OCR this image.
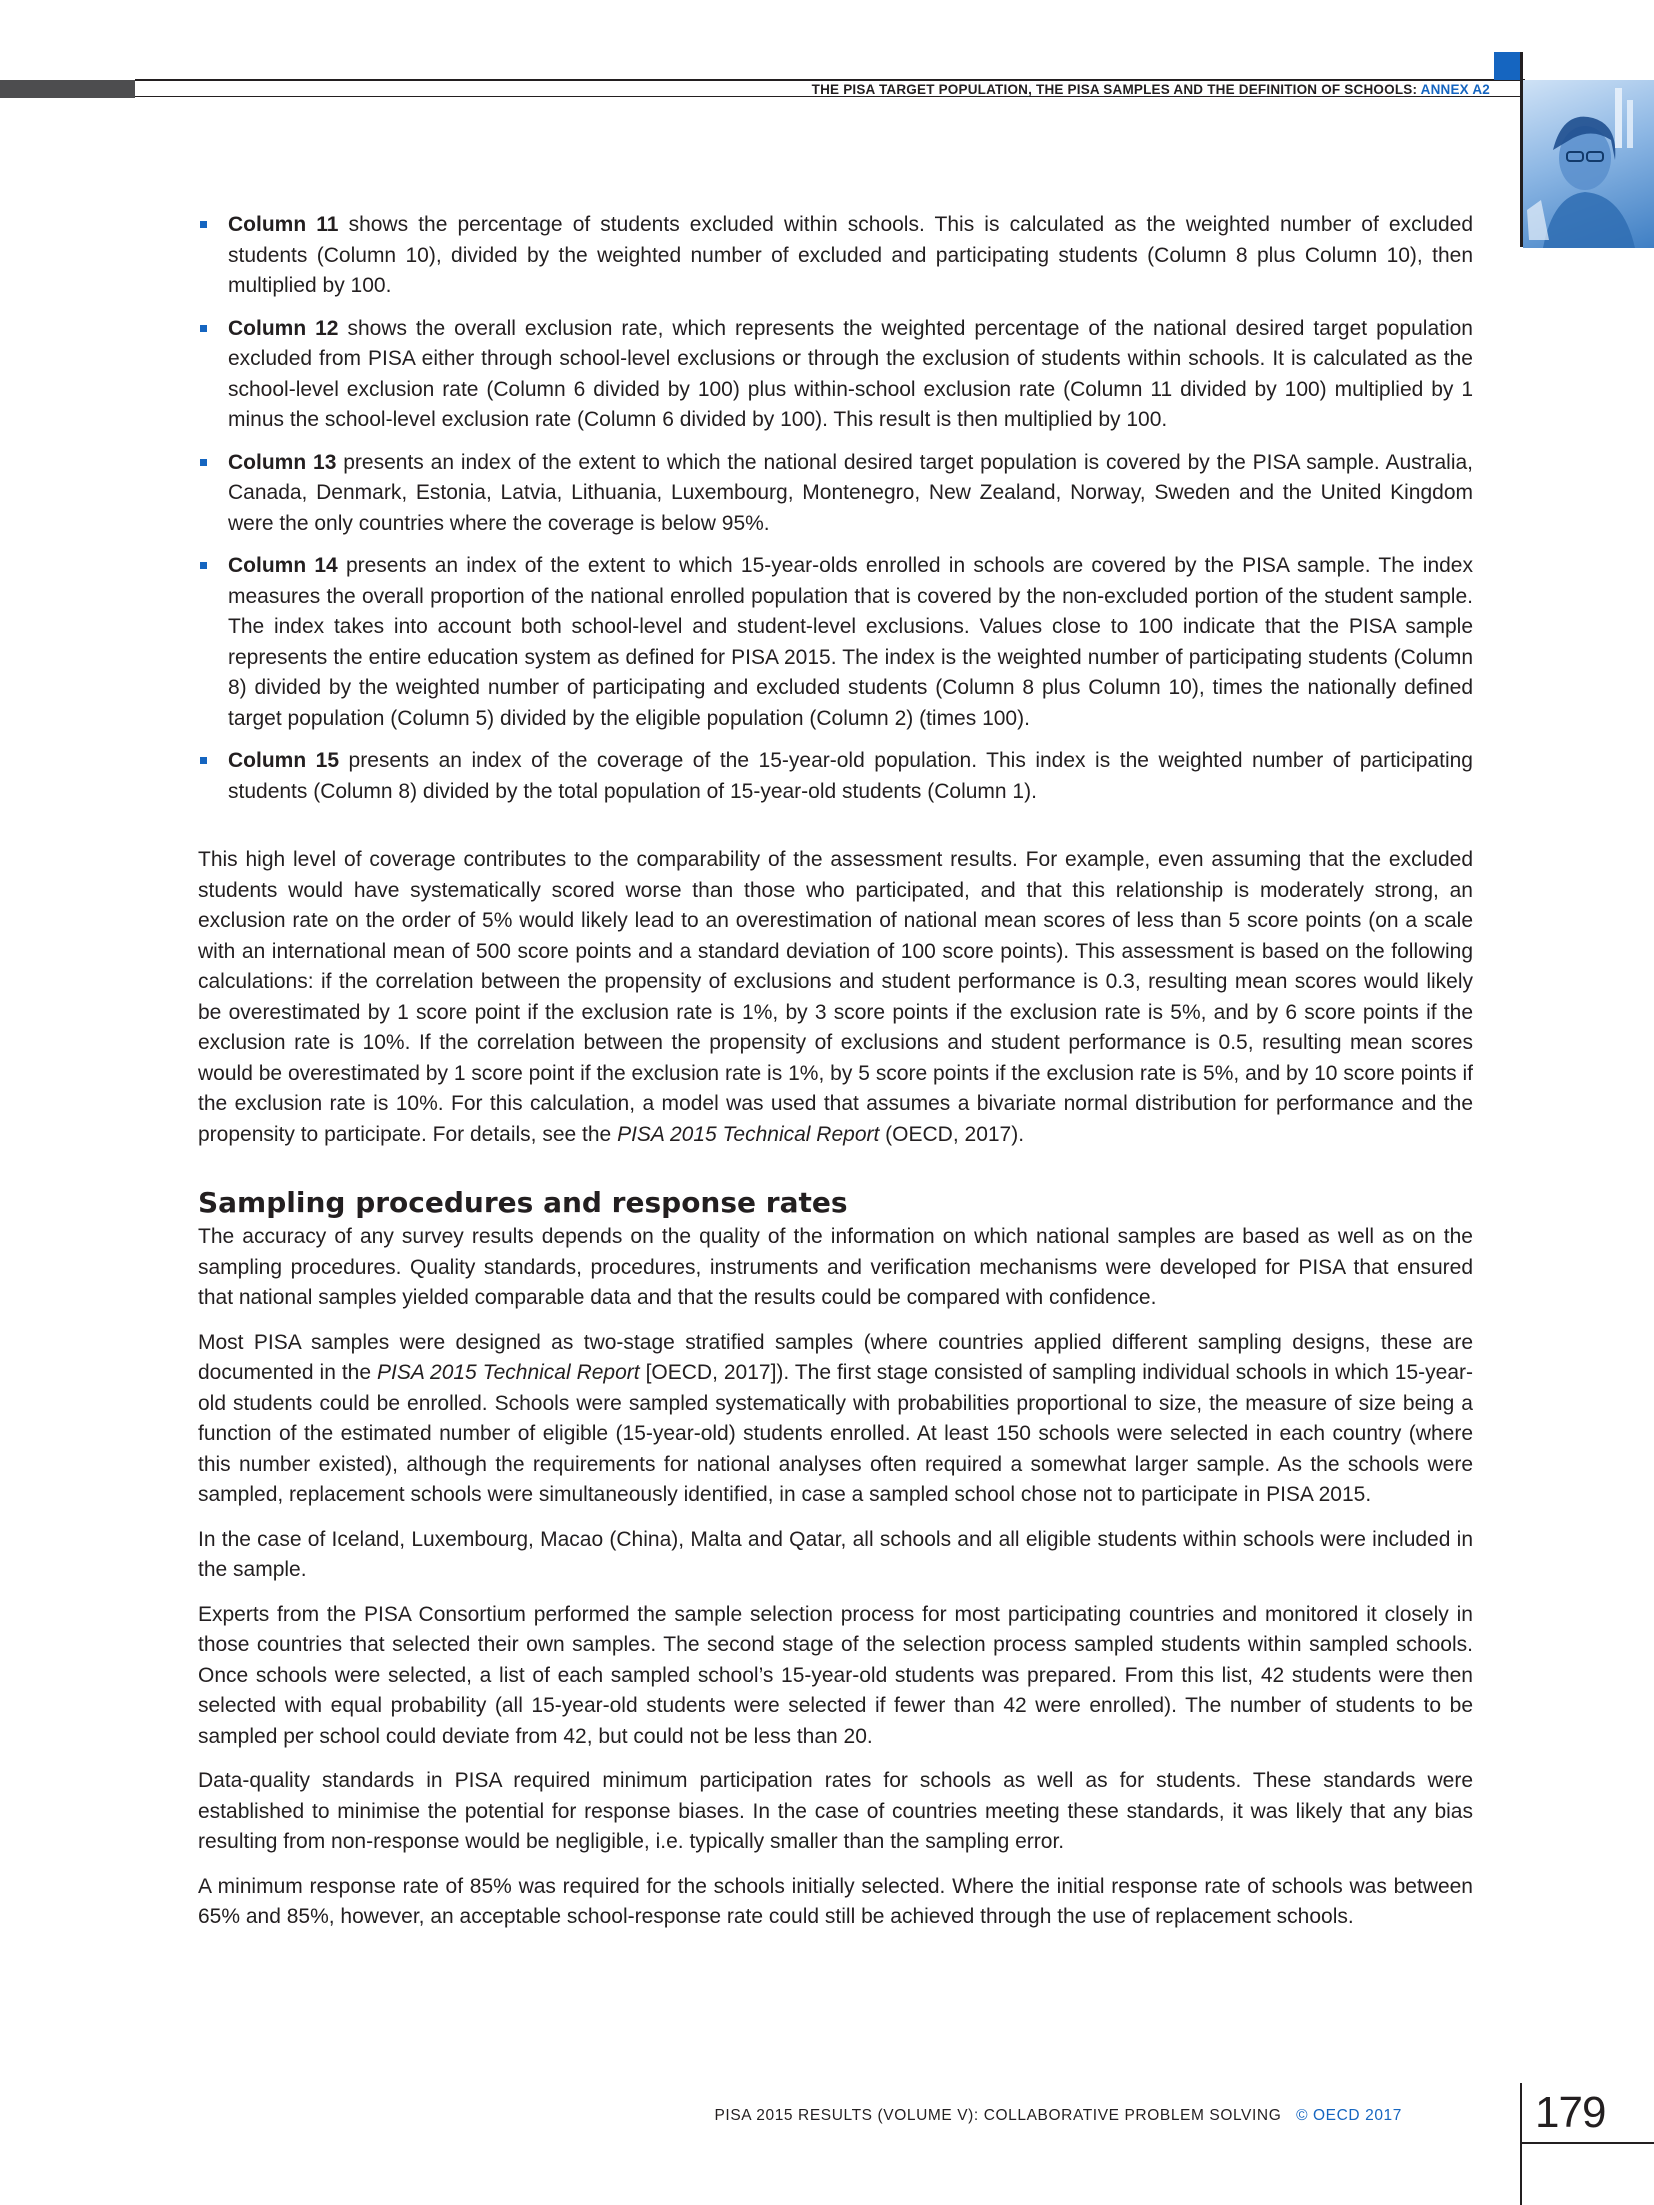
THE PISA TARGET POPULATION, THE PISA SAMPLES AND THE DEFINITION OF SCHOOLS: ANNEX A2
Column 11 shows the percentage of students excluded within schools. This is calculated as the weighted number of excluded students (Column 10), divided by the weighted number of excluded and participating students (Column 8 plus Column 10), then multiplied by 100.
Column 12 shows the overall exclusion rate, which represents the weighted percentage of the national desired target population excluded from PISA either through school-level exclusions or through the exclusion of students within schools. It is calculated as the school-level exclusion rate (Column 6 divided by 100) plus within-school exclusion rate (Column 11 divided by 100) multiplied by 1 minus the school-level exclusion rate (Column 6 divided by 100). This result is then multiplied by 100.
Column 13 presents an index of the extent to which the national desired target population is covered by the PISA sample. Australia, Canada, Denmark, Estonia, Latvia, Lithuania, Luxembourg, Montenegro, New Zealand, Norway, Sweden and the United Kingdom were the only countries where the coverage is below 95%.
Column 14 presents an index of the extent to which 15-year-olds enrolled in schools are covered by the PISA sample. The index measures the overall proportion of the national enrolled population that is covered by the non-excluded portion of the student sample. The index takes into account both school-level and student-level exclusions. Values close to 100 indicate that the PISA sample represents the entire education system as defined for PISA 2015. The index is the weighted number of participating students (Column 8) divided by the weighted number of participating and excluded students (Column 8 plus Column 10), times the nationally defined target population (Column 5) divided by the eligible population (Column 2) (times 100).
Column 15 presents an index of the coverage of the 15-year-old population. This index is the weighted number of participating students (Column 8) divided by the total population of 15-year-old students (Column 1).

This high level of coverage contributes to the comparability of the assessment results. For example, even assuming that the excluded students would have systematically scored worse than those who participated, and that this relationship is moderately strong, an exclusion rate on the order of 5% would likely lead to an overestimation of national mean scores of less than 5 score points (on a scale with an international mean of 500 score points and a standard deviation of 100 score points). This assessment is based on the following calculations: if the correlation between the propensity of exclusions and student performance is 0.3, resulting mean scores would likely be overestimated by 1 score point if the exclusion rate is 1%, by 3 score points if the exclusion rate is 5%, and by 6 score points if the exclusion rate is 10%. If the correlation between the propensity of exclusions and student performance is 0.5, resulting mean scores would be overestimated by 1 score point if the exclusion rate is 1%, by 5 score points if the exclusion rate is 5%, and by 10 score points if the exclusion rate is 10%. For this calculation, a model was used that assumes a bivariate normal distribution for performance and the propensity to participate. For details, see the PISA 2015 Technical Report (OECD, 2017).

Sampling procedures and response rates

The accuracy of any survey results depends on the quality of the information on which national samples are based as well as on the sampling procedures. Quality standards, procedures, instruments and verification mechanisms were developed for PISA that ensured that national samples yielded comparable data and that the results could be compared with confidence.

Most PISA samples were designed as two-stage stratified samples (where countries applied different sampling designs, these are documented in the PISA 2015 Technical Report [OECD, 2017]). The first stage consisted of sampling individual schools in which 15-year-old students could be enrolled. Schools were sampled systematically with probabilities proportional to size, the measure of size being a function of the estimated number of eligible (15-year-old) students enrolled. At least 150 schools were selected in each country (where this number existed), although the requirements for national analyses often required a somewhat larger sample. As the schools were sampled, replacement schools were simultaneously identified, in case a sampled school chose not to participate in PISA 2015.

In the case of Iceland, Luxembourg, Macao (China), Malta and Qatar, all schools and all eligible students within schools were included in the sample.

Experts from the PISA Consortium performed the sample selection process for most participating countries and monitored it closely in those countries that selected their own samples. The second stage of the selection process sampled students within sampled schools. Once schools were selected, a list of each sampled school’s 15-year-old students was prepared. From this list, 42 students were then selected with equal probability (all 15-year-old students were selected if fewer than 42 were enrolled). The number of students to be sampled per school could deviate from 42, but could not be less than 20.

Data-quality standards in PISA required minimum participation rates for schools as well as for students. These standards were established to minimise the potential for response biases. In the case of countries meeting these standards, it was likely that any bias resulting from non-response would be negligible, i.e. typically smaller than the sampling error.

A minimum response rate of 85% was required for the schools initially selected. Where the initial response rate of schools was between 65% and 85%, however, an acceptable school-response rate could still be achieved through the use of replacement schools.

PISA 2015 RESULTS (VOLUME V): COLLABORATIVE PROBLEM SOLVING © OECD 2017	179
